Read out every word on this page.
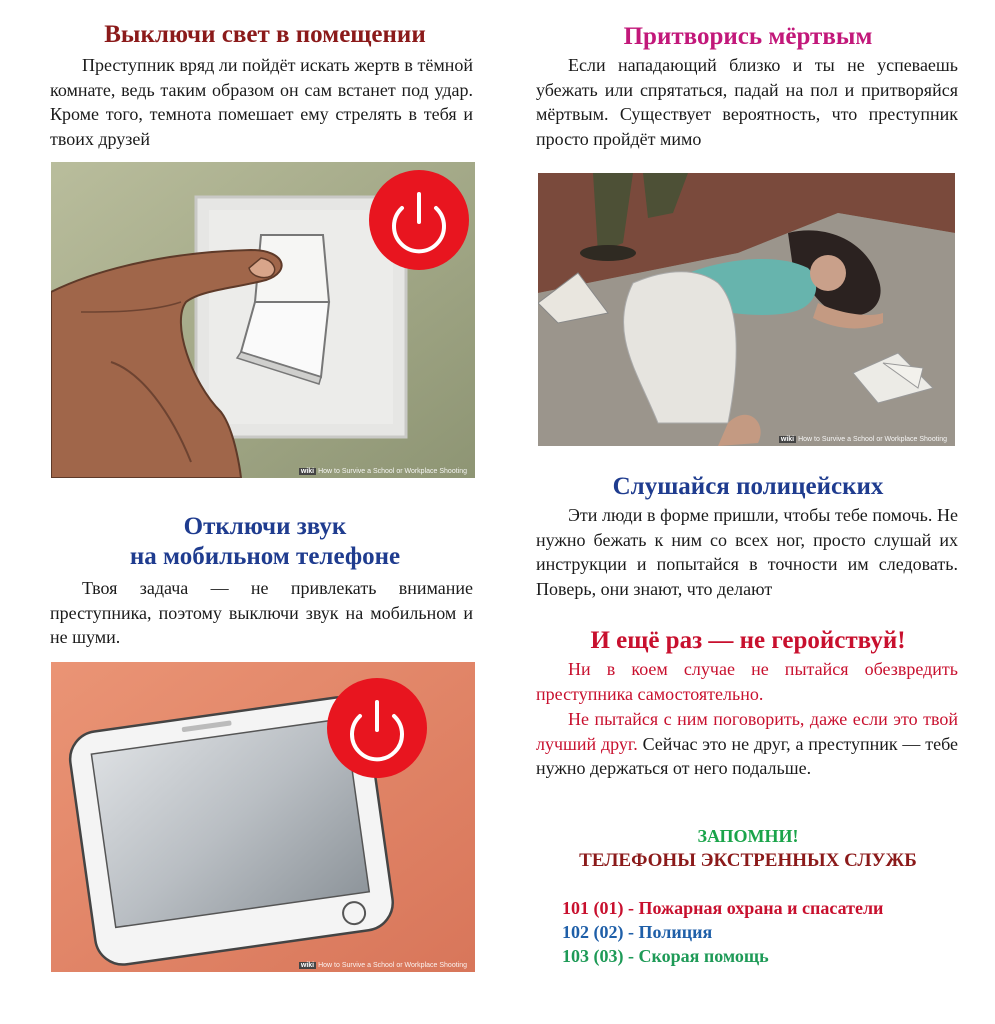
Выключи свет в помещении

Преступник вряд ли пойдёт искать жертв в тёмной комнате, ведь таким образом он сам встанет под удар. Кроме того, темнота помешает ему стрелять в тебя и твоих друзей

wiki How to Survive a School or Workplace Shooting
Отключи звук
на мобильном телефоне

Твоя задача — не привлекать внимание преступника, поэтому выключи звук на мобильном и не шуми.

wiki How to Survive a School or Workplace Shooting
Притворись мёртвым

Если нападающий близко и ты не успеваешь убежать или спрятаться, падай на пол и притворяйся мёртвым. Существует вероятность, что преступник просто пройдёт мимо

wiki How to Survive a School or Workplace Shooting
Слушайся полицейских

Эти люди в форме пришли, чтобы тебе помочь. Не нужно бежать к ним со всех ног, просто слушай их инструкции и попытайся в точности им следовать. Поверь, они знают, что делают

И ещё раз — не геройствуй!

Ни в коем случае не пытайся обезвредить преступника самостоятельно.

Не пытайся с ним поговорить, даже если это твой лучший друг. Сейчас это не друг, а преступник — тебе нужно держаться от него подальше.

ЗАПОМНИ!
ТЕЛЕФОНЫ ЭКСТРЕННЫХ СЛУЖБ
101 (01) - Пожарная охрана и спасатели
102 (02) - Полиция
103 (03) - Скорая помощь
